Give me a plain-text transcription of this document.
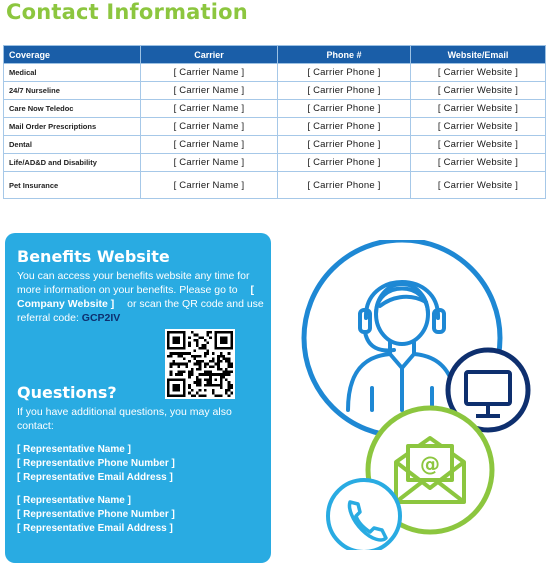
Contact Information
Coverage	Carrier	Phone #	Website/Email
Medical	[ Carrier Name ]	[ Carrier Phone ]	[ Carrier Website ]
24/7 Nurseline	[ Carrier Name ]	[ Carrier Phone ]	[ Carrier Website ]
Care Now Teledoc	[ Carrier Name ]	[ Carrier Phone ]	[ Carrier Website ]
Mail Order Prescriptions	[ Carrier Name ]	[ Carrier Phone ]	[ Carrier Website ]
Dental	[ Carrier Name ]	[ Carrier Phone ]	[ Carrier Website ]
Life/AD&D and Disability	[ Carrier Name ]	[ Carrier Phone ]	[ Carrier Website ]
Pet Insurance	[ Carrier Name ]	[ Carrier Phone ]	[ Carrier Website ]
Benefits Website
You can access your benefits website any time for more information on your benefits. Please go to [ Company Website ] or scan the QR code and use referral code: GCP2IV
Questions?
If you have additional questions, you may also contact:
[ Representative Name ]
[ Representative Phone Number ]
[ Representative Email Address ]
[ Representative Name ]
[ Representative Phone Number ]
[ Representative Email Address ]
@
